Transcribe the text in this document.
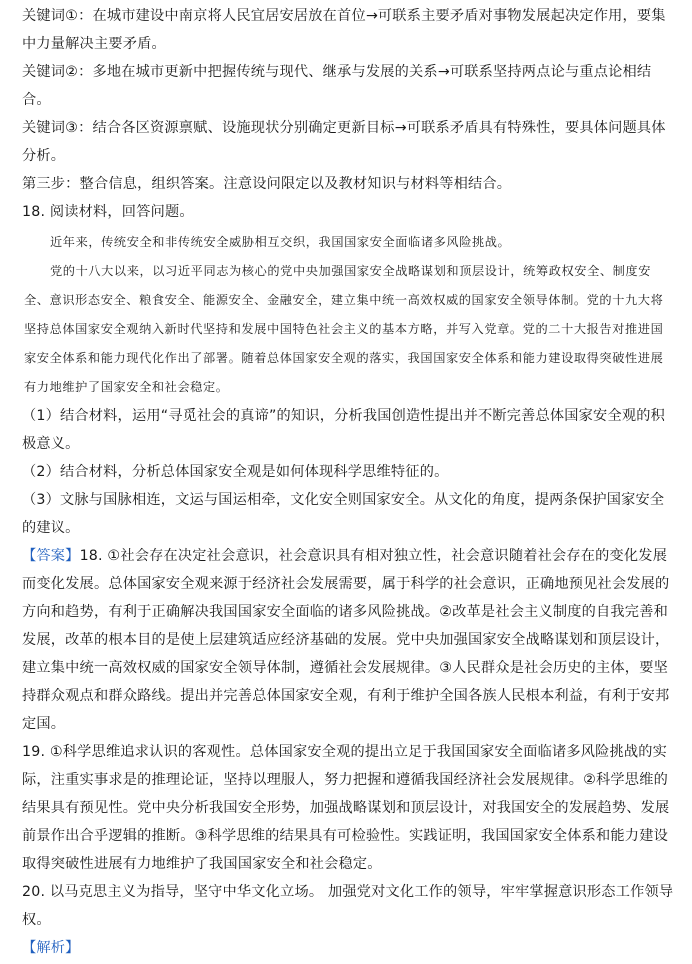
关键词①：在城市建设中南京将人民宜居安居放在首位→可联系主要矛盾对事物发展起决定作用，要集中力量解决主要矛盾。

关键词②：多地在城市更新中把握传统与现代、继承与发展的关系→可联系坚持两点论与重点论相结合。

关键词③：结合各区资源禀赋、设施现状分别确定更新目标→可联系矛盾具有特殊性，要具体问题具体分析。

第三步：整合信息，组织答案。注意设问限定以及教材知识与材料等相结合。

18. 阅读材料，回答问题。

近年来，传统安全和非传统安全威胁相互交织，我国国家安全面临诸多风险挑战。
党的十八大以来，以习近平同志为核心的党中央加强国家安全战略谋划和顶层设计，统筹政权安全、制度安全、意识形态安全、粮食安全、能源安全、金融安全，建立集中统一高效权威的国家安全领导体制。党的十九大将坚持总体国家安全观纳入新时代坚持和发展中国特色社会主义的基本方略，并写入党章。党的二十大报告对推进国家安全体系和能力现代化作出了部署。随着总体国家安全观的落实，我国国家安全体系和能力建设取得突破性进展有力地维护了国家安全和社会稳定。

（1）结合材料，运用“寻觅社会的真谛”的知识，分析我国创造性提出并不断完善总体国家安全观的积极意义。

（2）结合材料，分析总体国家安全观是如何体现科学思维特征的。

（3）文脉与国脉相连，文运与国运相牵，文化安全则国家安全。从文化的角度，提两条保护国家安全的建议。

【答案】18. ①社会存在决定社会意识，社会意识具有相对独立性，社会意识随着社会存在的变化发展而变化发展。总体国家安全观来源于经济社会发展需要，属于科学的社会意识，正确地预见社会发展的方向和趋势，有利于正确解决我国国家安全面临的诸多风险挑战。②改革是社会主义制度的自我完善和发展，改革的根本目的是使上层建筑适应经济基础的发展。党中央加强国家安全战略谋划和顶层设计，建立集中统一高效权威的国家安全领导体制，遵循社会发展规律。③人民群众是社会历史的主体，要坚持群众观点和群众路线。提出并完善总体国家安全观，有利于维护全国各族人民根本利益，有利于安邦定国。

19. ①科学思维追求认识的客观性。总体国家安全观的提出立足于我国国家安全面临诸多风险挑战的实际，注重实事求是的推理论证，坚持以理服人，努力把握和遵循我国经济社会发展规律。②科学思维的结果具有预见性。党中央分析我国安全形势，加强战略谋划和顶层设计，对我国安全的发展趋势、发展前景作出合乎逻辑的推断。③科学思维的结果具有可检验性。实践证明，我国国家安全体系和能力建设取得突破性进展有力地维护了我国国家安全和社会稳定。

20. 以马克思主义为指导，坚守中华文化立场。 加强党对文化工作的领导，牢牢掌握意识形态工作领导权。

【解析】
